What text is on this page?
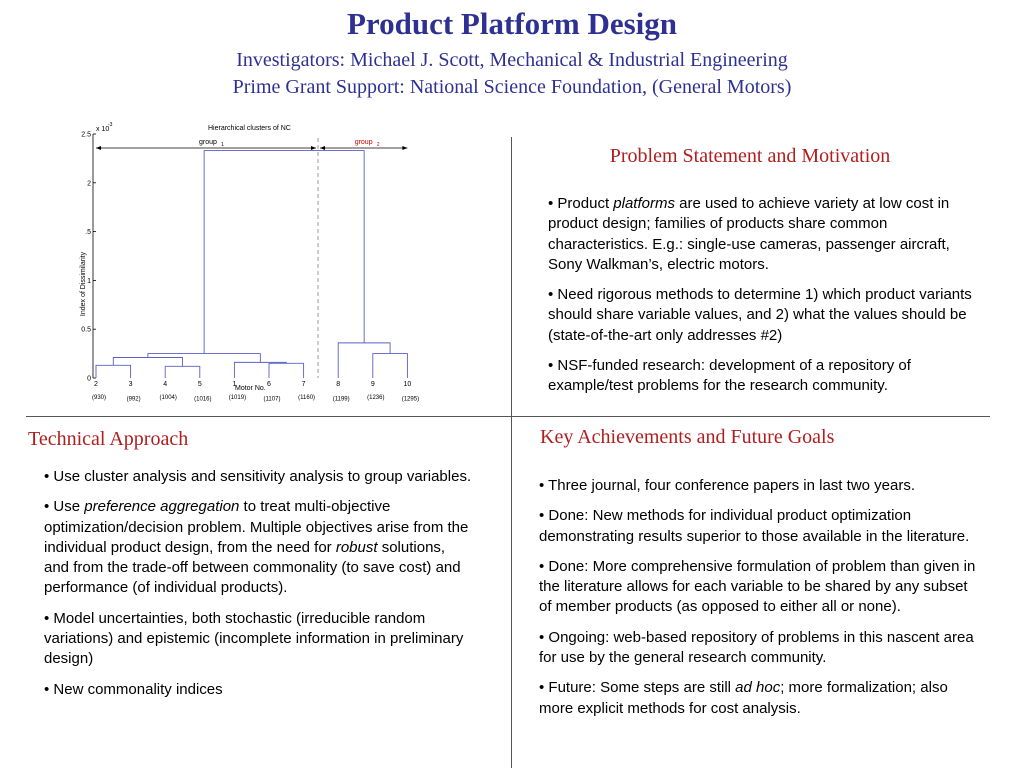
Product Platform Design
Investigators: Michael J. Scott, Mechanical & Industrial Engineering
Prime Grant Support: National Science Foundation, (General Motors)
Hierarchical clusters of NC
x 10
-3
Index of Dissimilarity
Motor No.
0
0.5
1
.5
2
2.5
2
(930)
3
(992)
4
(1004)
5
(1016)
1
(1019)
6
(1107)
7
(1160)
8
(1199)
9
(1236)
10
(1295)
group 1	group 2	Problem Statement and Motivation

• Product platforms are used to achieve variety at low cost in product design; families of products share common characteristics. E.g.: single-use cameras, passenger aircraft, Sony Walkman’s, electric motors.

• Need rigorous methods to determine 1) which product variants should share variable values, and 2) what the values should be (state-of-the-art only addresses #2)

• NSF-funded research: development of a repository of example/test problems for the research community.

Technical Approach

• Use cluster analysis and sensitivity analysis to group variables.

• Use preference aggregation to treat multi-objective optimization/decision problem. Multiple objectives arise from the individual product design, from the need for robust solutions, and from the trade-off between commonality (to save cost) and performance (of individual products).

• Model uncertainties, both stochastic (irreducible random variations) and epistemic (incomplete information in preliminary design)

• New commonality indices

Key Achievements and Future Goals

• Three journal, four conference papers in last two years.

• Done: New methods for individual product optimization demonstrating results superior to those available in the literature.

• Done: More comprehensive formulation of problem than given in the literature allows for each variable to be shared by any subset of member products (as opposed to either all or none).

• Ongoing: web-based repository of problems in this nascent area for use by the general research community.

• Future: Some steps are still ad hoc; more formalization; also more explicit methods for cost analysis.
